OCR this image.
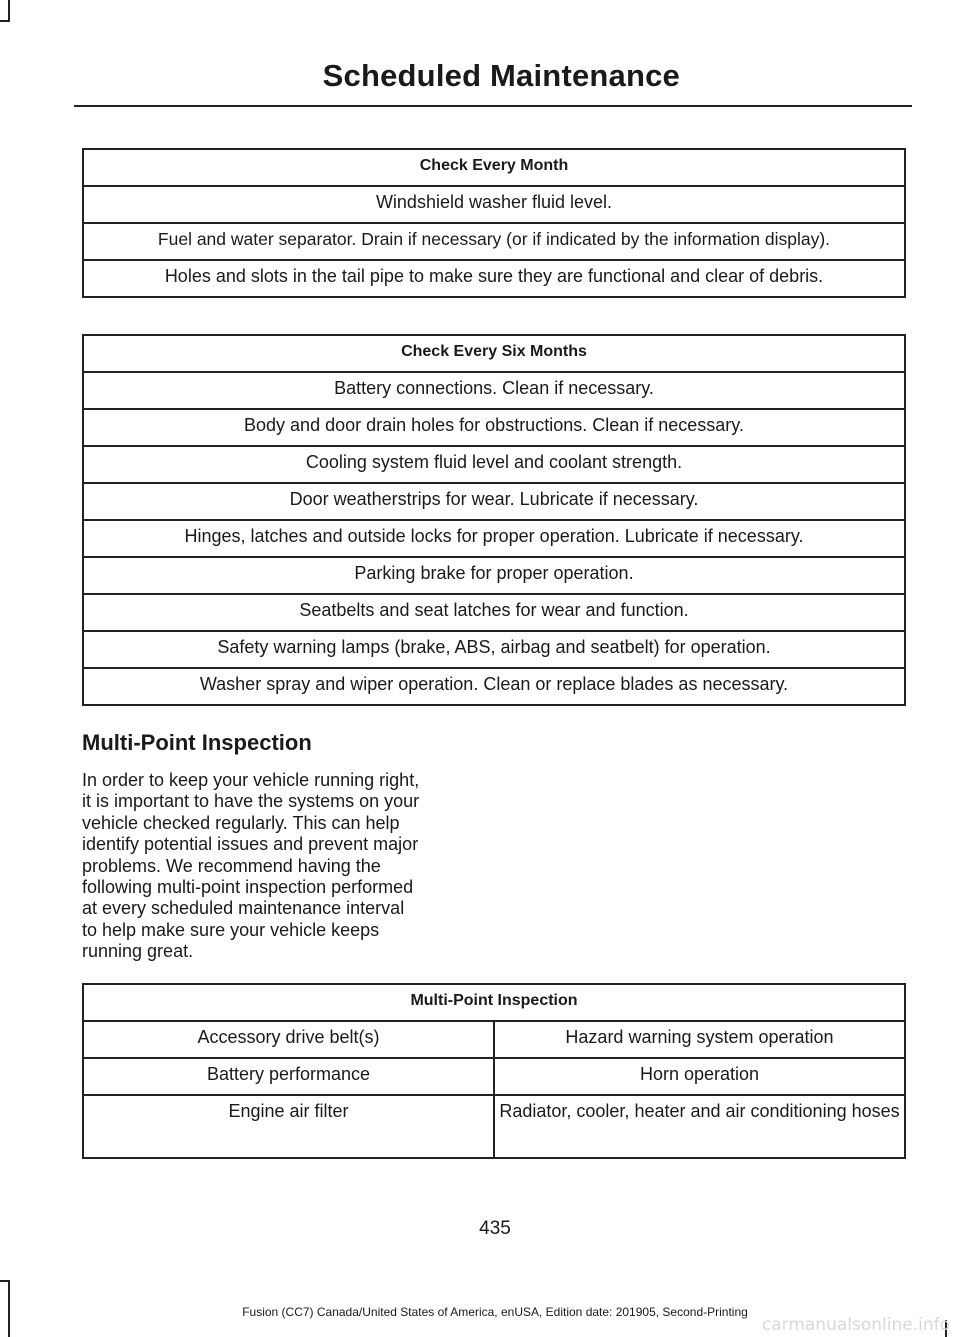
Scheduled Maintenance
Check Every Month
Windshield washer fluid level.
Fuel and water separator. Drain if necessary (or if indicated by the information display).
Holes and slots in the tail pipe to make sure they are functional and clear of debris.
Check Every Six Months
Battery connections. Clean if necessary.
Body and door drain holes for obstructions. Clean if necessary.
Cooling system fluid level and coolant strength.
Door weatherstrips for wear. Lubricate if necessary.
Hinges, latches and outside locks for proper operation. Lubricate if necessary.
Parking brake for proper operation.
Seatbelts and seat latches for wear and function.
Safety warning lamps (brake, ABS, airbag and seatbelt) for operation.
Washer spray and wiper operation. Clean or replace blades as necessary.
Multi-Point Inspection
In order to keep your vehicle running right,
it is important to have the systems on your
vehicle checked regularly. This can help
identify potential issues and prevent major
problems. We recommend having the
following multi-point inspection performed
at every scheduled maintenance interval
to help make sure your vehicle keeps
running great.
Multi-Point Inspection	
Accessory drive belt(s)	Hazard warning system operation
Battery performance	Horn operation
Engine air filter	Radiator, cooler, heater and air conditioning hoses
435
Fusion (CC7) Canada/United States of America, enUSA, Edition date: 201905, Second-Printing
carmanualsonline.info
